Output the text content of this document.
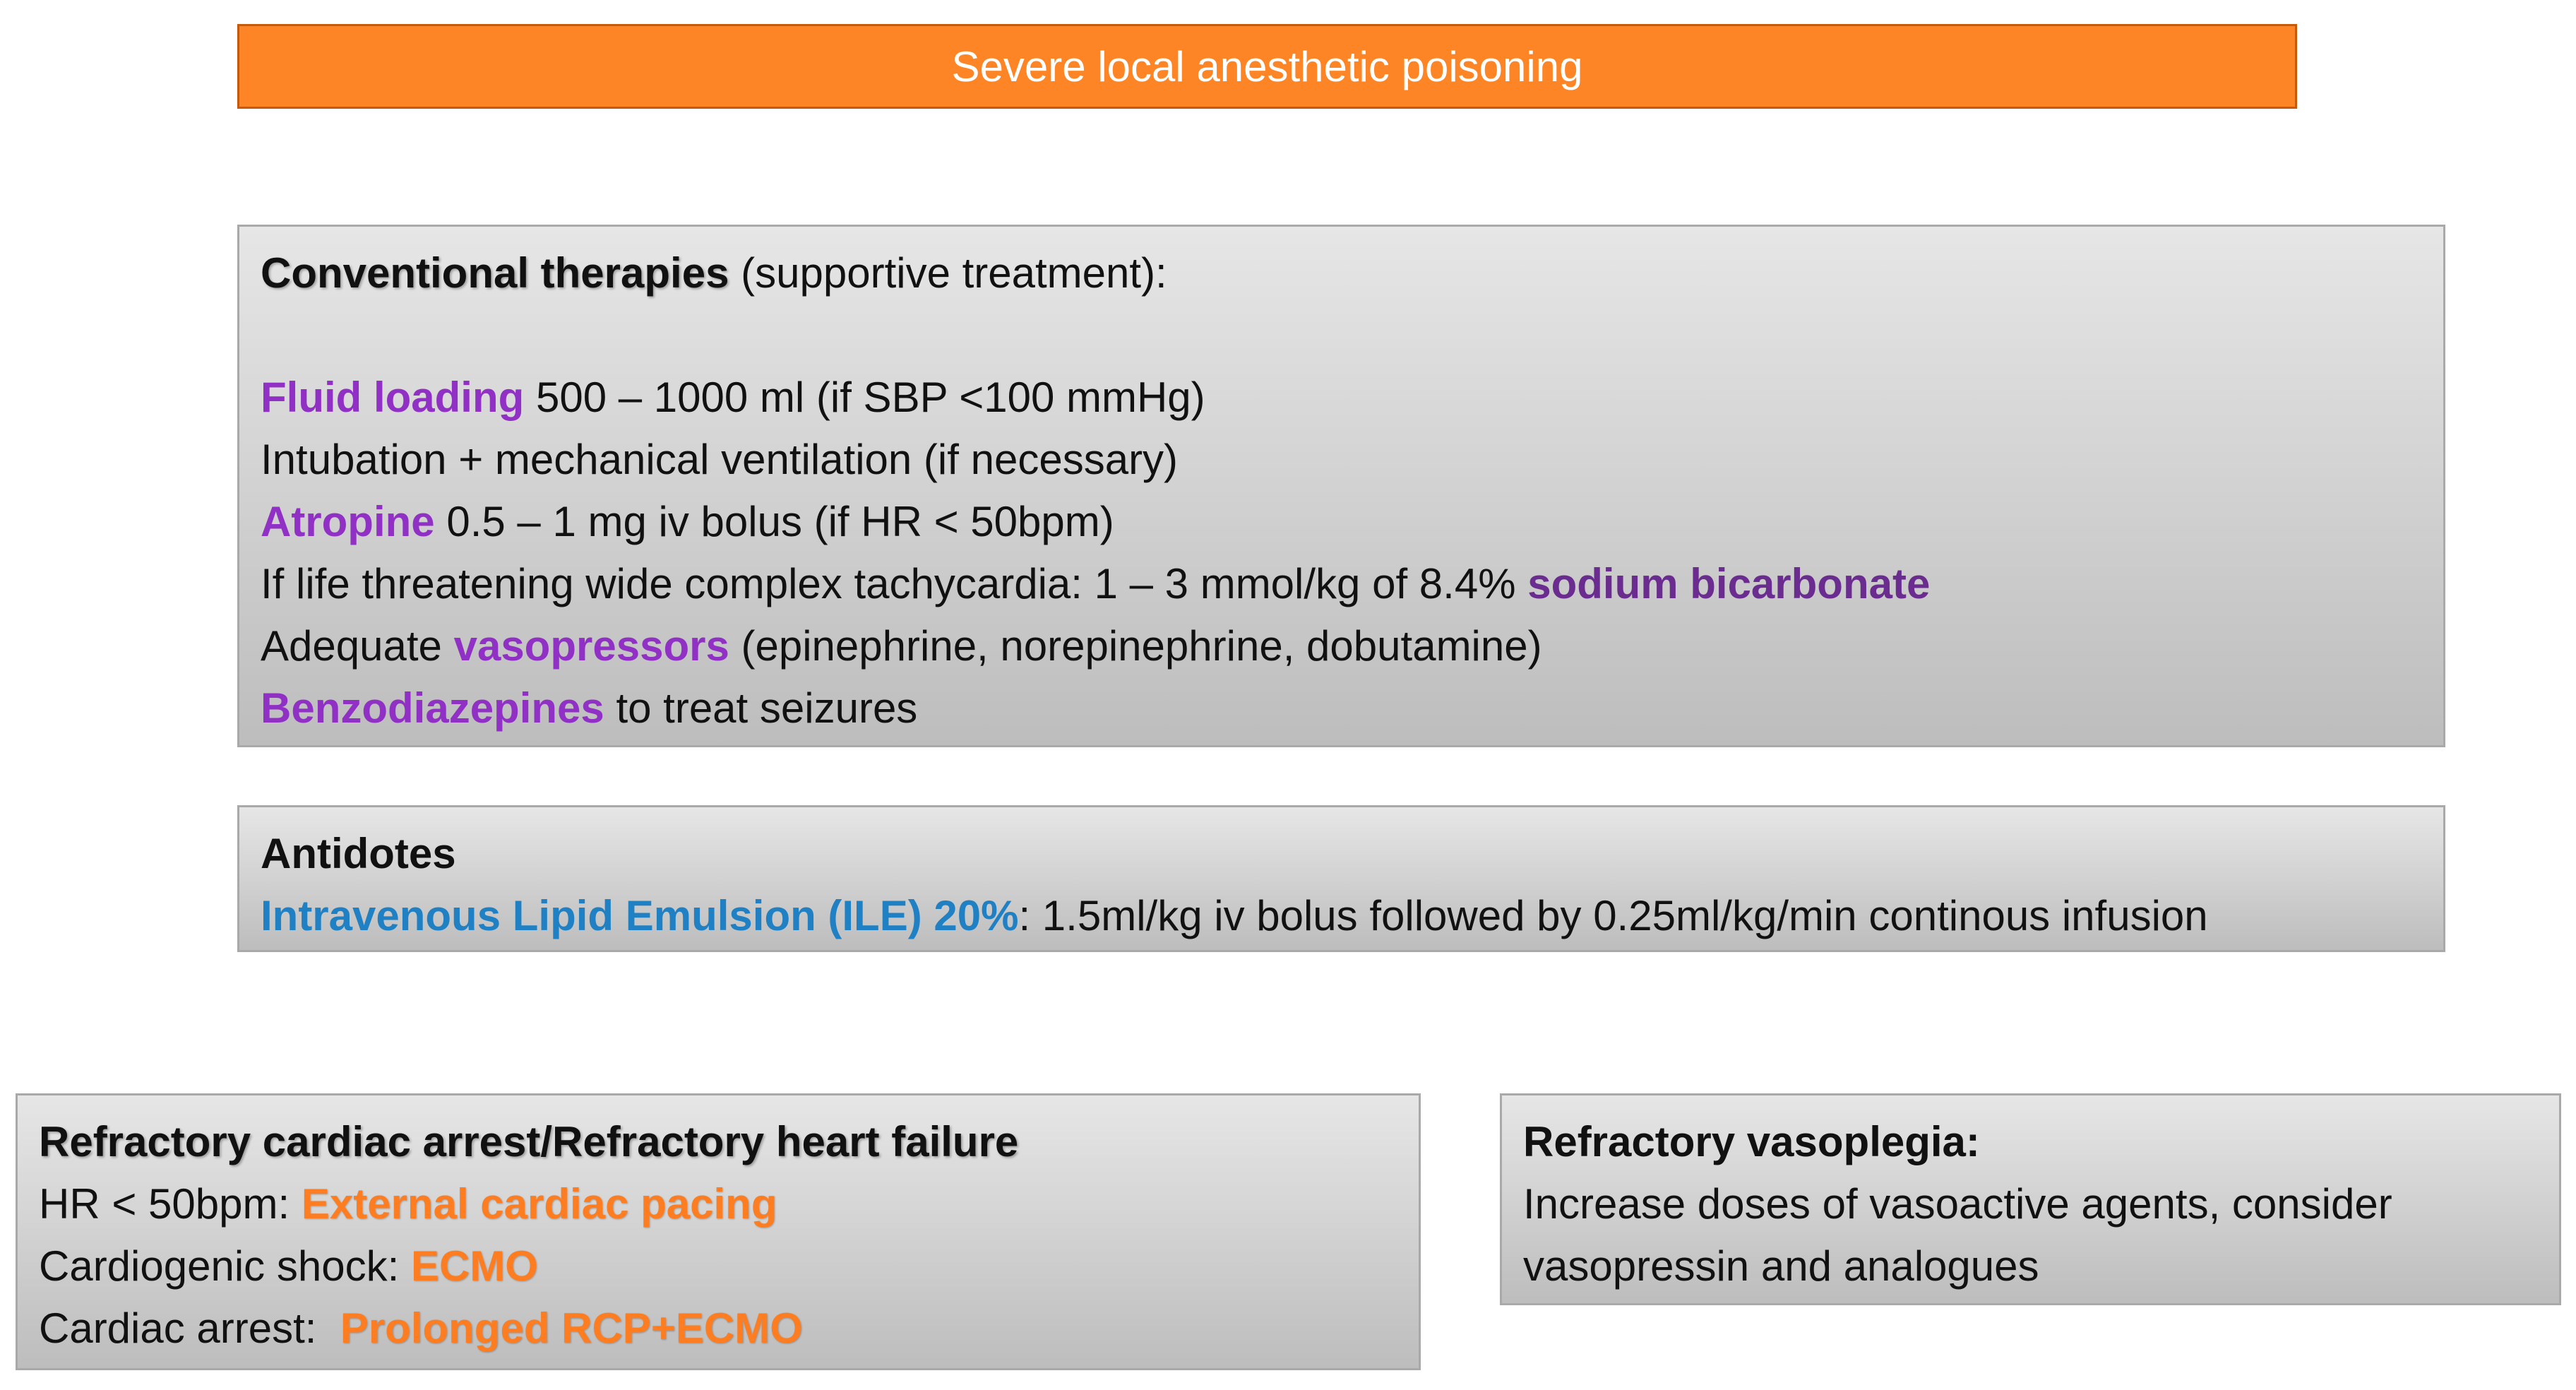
Severe local anesthetic poisoning
Conventional therapies (supportive treatment):
Fluid loading 500 – 1000 ml (if SBP <100 mmHg)
Intubation + mechanical ventilation (if necessary)
Atropine 0.5 – 1 mg iv bolus (if HR < 50bpm)
If life threatening wide complex tachycardia: 1 – 3 mmol/kg of 8.4% sodium bicarbonate
Adequate vasopressors (epinephrine, norepinephrine, dobutamine)
Benzodiazepines to treat seizures
Antidotes
Intravenous Lipid Emulsion (ILE) 20%: 1.5ml/kg iv bolus followed by 0.25ml/kg/min continous infusion
Refractory cardiac arrest/Refractory heart failure
HR < 50bpm: External cardiac pacing
Cardiogenic shock: ECMO
Cardiac arrest: Prolonged RCP+ECMO
Refractory vasoplegia:
Increase doses of vasoactive agents, consider
vasopressin and analogues
